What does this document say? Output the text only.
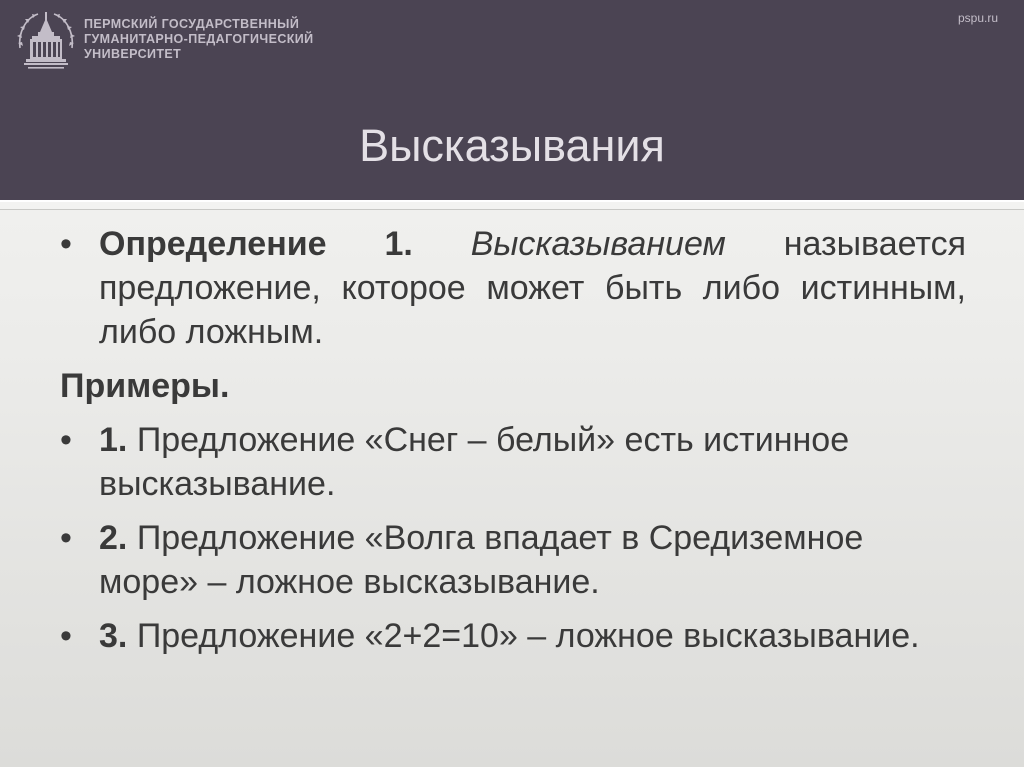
ПЕРМСКИЙ ГОСУДАРСТВЕННЫЙ
ГУМАНИТАРНО-ПЕДАГОГИЧЕСКИЙ
УНИВЕРСИТЕТ
pspu.ru
Высказывания
• Определение 1. Высказыванием называется предложение, которое может быть либо истинным, либо ложным.
Примеры.
• 1. Предложение «Снег – белый» есть истинное высказывание.
• 2. Предложение «Волга впадает в Средиземное море» – ложное высказывание.
• 3. Предложение «2+2=10» – ложное высказывание.
